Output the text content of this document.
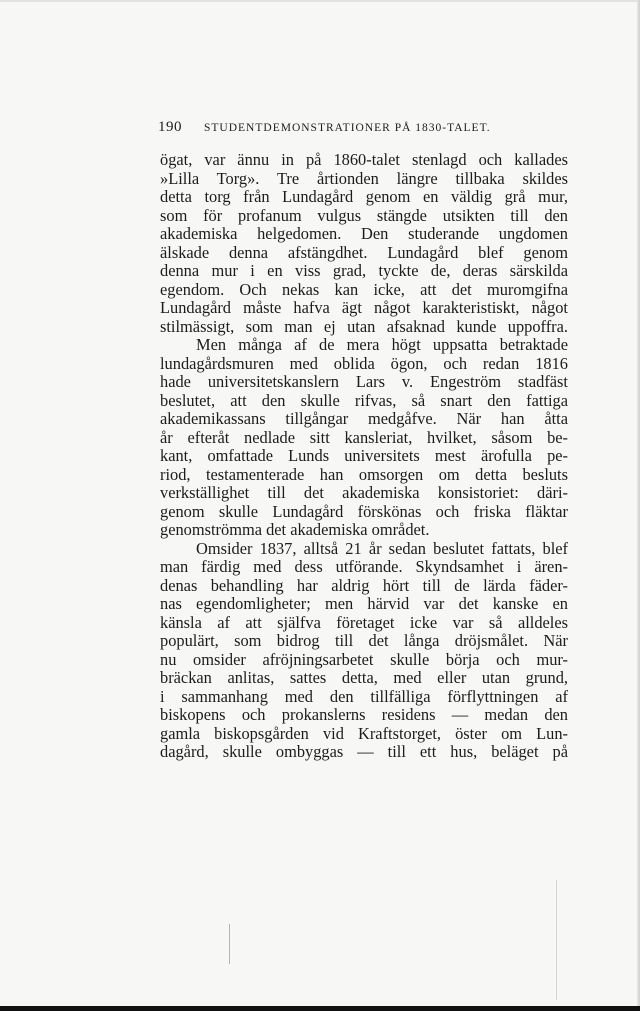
190 STUDENTDEMONSTRATIONER PÅ 1830-TALET.

ögat, var ännu in på 1860-talet stenlagd och kallades
»Lilla Torg». Tre årtionden längre tillbaka skildes
detta torg från Lundagård genom en väldig grå mur,
som för profanum vulgus stängde utsikten till den
akademiska helgedomen. Den studerande ungdomen
älskade denna afstängdhet. Lundagård blef genom
denna mur i en viss grad, tyckte de, deras särskilda
egendom. Och nekas kan icke, att det muromgifna
Lundagård måste hafva ägt något karakteristiskt, något
stilmässigt, som man ej utan afsaknad kunde uppoffra.

Men många af de mera högt uppsatta betraktade
lundagårdsmuren med oblida ögon, och redan 1816
hade universitetskanslern Lars v. Engeström stadfäst
beslutet, att den skulle rifvas, så snart den fattiga
akademikassans tillgångar medgåfve. När han åtta
år efteråt nedlade sitt kansleriat, hvilket, såsom be-
kant, omfattade Lunds universitets mest ärofulla pe-
riod, testamenterade han omsorgen om detta besluts
verkställighet till det akademiska konsistoriet: däri-
genom skulle Lundagård förskönas och friska fläktar
genomströmma det akademiska området.

Omsider 1837, alltså 21 år sedan beslutet fattats, blef
man färdig med dess utförande. Skyndsamhet i ären-
denas behandling har aldrig hört till de lärda fäder-
nas egendomligheter; men härvid var det kanske en
känsla af att själfva företaget icke var så alldeles
populärt, som bidrog till det långa dröjsmålet. När
nu omsider afröjningsarbetet skulle börja och mur-
bräckan anlitas, sattes detta, med eller utan grund,
i sammanhang med den tillfälliga förflyttningen af
biskopens och prokanslerns residens — medan den
gamla biskopsgården vid Kraftstorget, öster om Lun-
dagård, skulle ombyggas — till ett hus, beläget på
